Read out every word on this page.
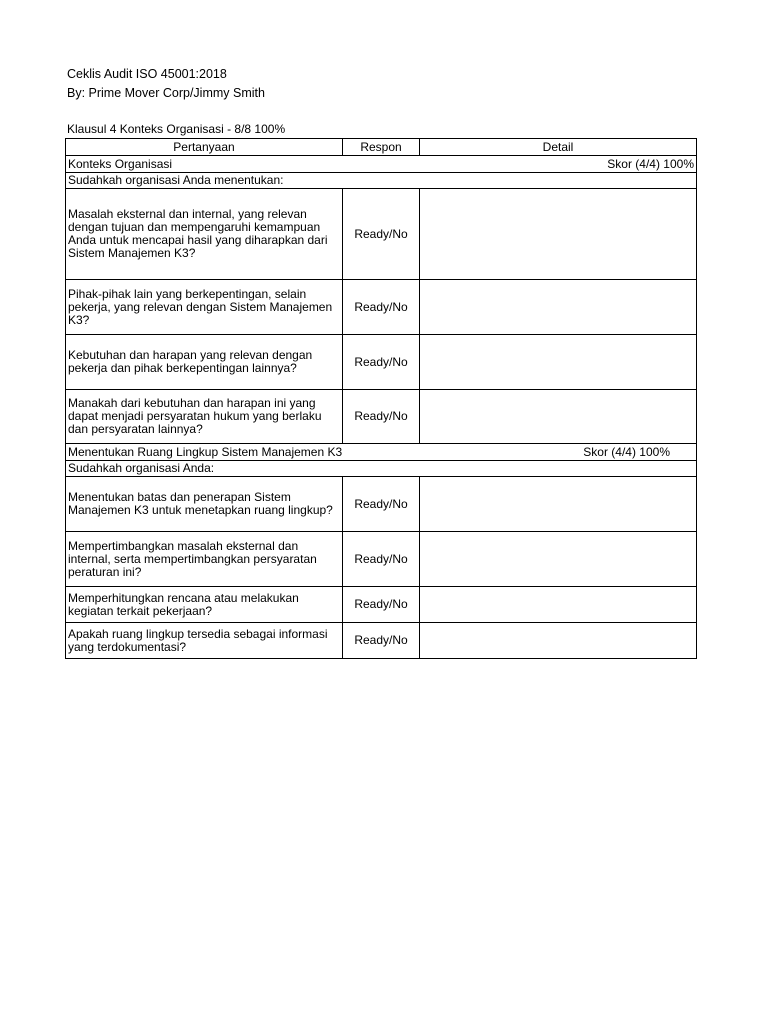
Ceklis Audit ISO 45001:2018
By: Prime Mover Corp/Jimmy Smith
Klausul 4 Konteks Organisasi - 8/8 100%
Pertanyaan	Respon	Detail

Konteks Organisasi Skor (4/4) 100%		

Sudahkah organisasi Anda menentukan:		
Masalah eksternal dan internal, yang relevan dengan tujuan dan mempengaruhi kemampuan Anda untuk mencapai hasil yang diharapkan dari Sistem Manajemen K3?	Ready/No	
Pihak-pihak lain yang berkepentingan, selain pekerja, yang relevan dengan Sistem Manajemen K3?	Ready/No	
Kebutuhan dan harapan yang relevan dengan pekerja dan pihak berkepentingan lainnya?	Ready/No	
Manakah dari kebutuhan dan harapan ini yang dapat menjadi persyaratan hukum yang berlaku dan persyaratan lainnya?	Ready/No	

Menentukan Ruang Lingkup Sistem Manajemen K3 Skor (4/4) 100%		

Sudahkah organisasi Anda:		
Menentukan batas dan penerapan Sistem Manajemen K3 untuk menetapkan ruang lingkup?	Ready/No	
Mempertimbangkan masalah eksternal dan internal, serta mempertimbangkan persyaratan peraturan ini?	Ready/No	
Memperhitungkan rencana atau melakukan kegiatan terkait pekerjaan?	Ready/No	
Apakah ruang lingkup tersedia sebagai informasi yang terdokumentasi?	Ready/No	
